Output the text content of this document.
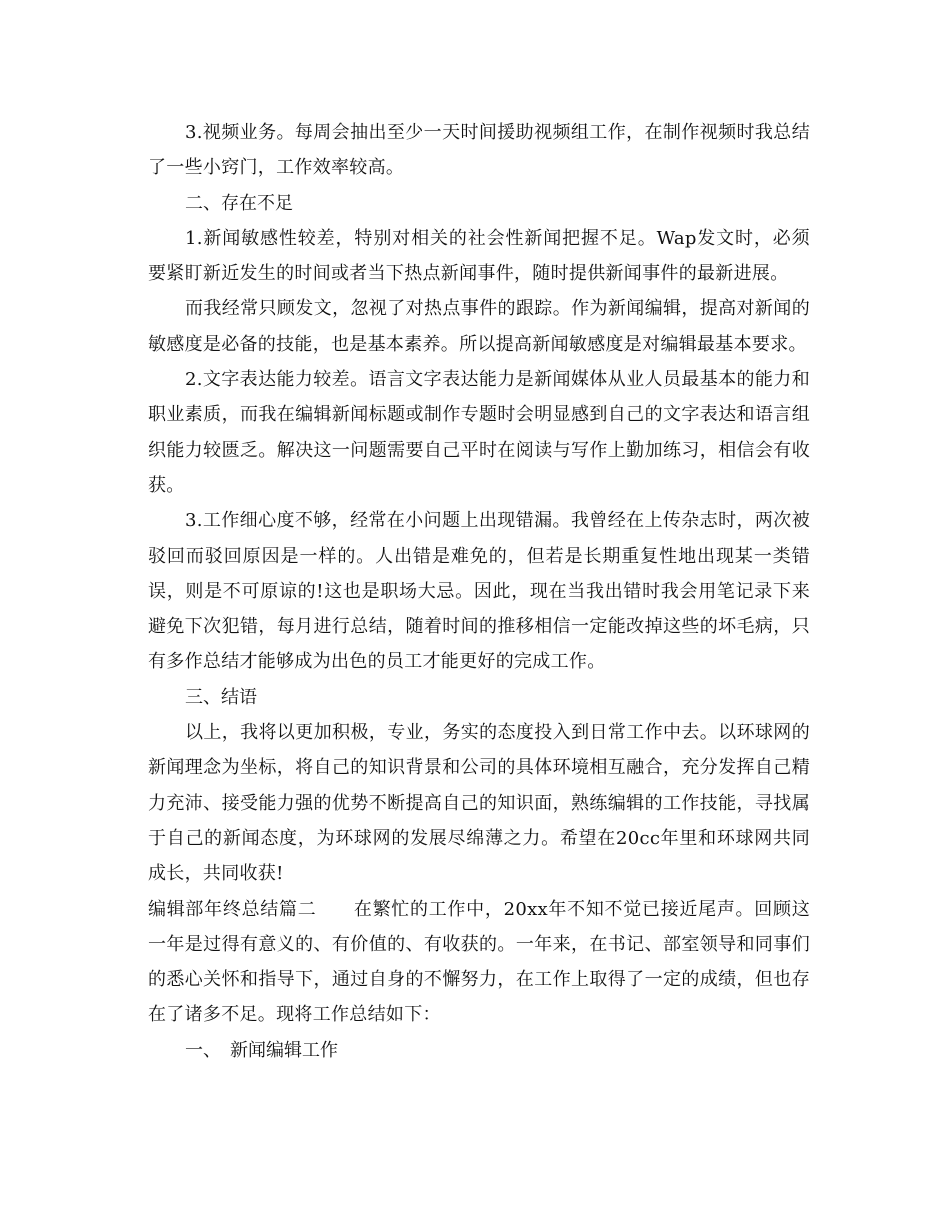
3.视频业务。每周会抽出至少一天时间援助视频组工作，在制作视频时我总结了一些小窍门，工作效率较高。

二、存在不足

1.新闻敏感性较差，特别对相关的社会性新闻把握不足。Wap发文时，必须要紧盯新近发生的时间或者当下热点新闻事件，随时提供新闻事件的最新进展。

而我经常只顾发文，忽视了对热点事件的跟踪。作为新闻编辑，提高对新闻的敏感度是必备的技能，也是基本素养。所以提高新闻敏感度是对编辑最基本要求。

2.文字表达能力较差。语言文字表达能力是新闻媒体从业人员最基本的能力和职业素质，而我在编辑新闻标题或制作专题时会明显感到自己的文字表达和语言组织能力较匮乏。解决这一问题需要自己平时在阅读与写作上勤加练习，相信会有收获。

3.工作细心度不够，经常在小问题上出现错漏。我曾经在上传杂志时，两次被驳回而驳回原因是一样的。人出错是难免的，但若是长期重复性地出现某一类错误，则是不可原谅的!这也是职场大忌。因此，现在当我出错时我会用笔记录下来避免下次犯错，每月进行总结，随着时间的推移相信一定能改掉这些的坏毛病，只有多作总结才能够成为出色的员工才能更好的完成工作。

三、结语

以上，我将以更加积极，专业，务实的态度投入到日常工作中去。以环球网的新闻理念为坐标，将自己的知识背景和公司的具体环境相互融合，充分发挥自己精力充沛、接受能力强的优势不断提高自己的知识面，熟练编辑的工作技能，寻找属于自己的新闻态度，为环球网的发展尽绵薄之力。希望在20cc年里和环球网共同成长，共同收获!

编辑部年终总结篇二　　在繁忙的工作中，20xx年不知不觉已接近尾声。回顾这一年是过得有意义的、有价值的、有收获的。一年来，在书记、部室领导和同事们的悉心关怀和指导下，通过自身的不懈努力，在工作上取得了一定的成绩，但也存在了诸多不足。现将工作总结如下：

一、　新闻编辑工作
